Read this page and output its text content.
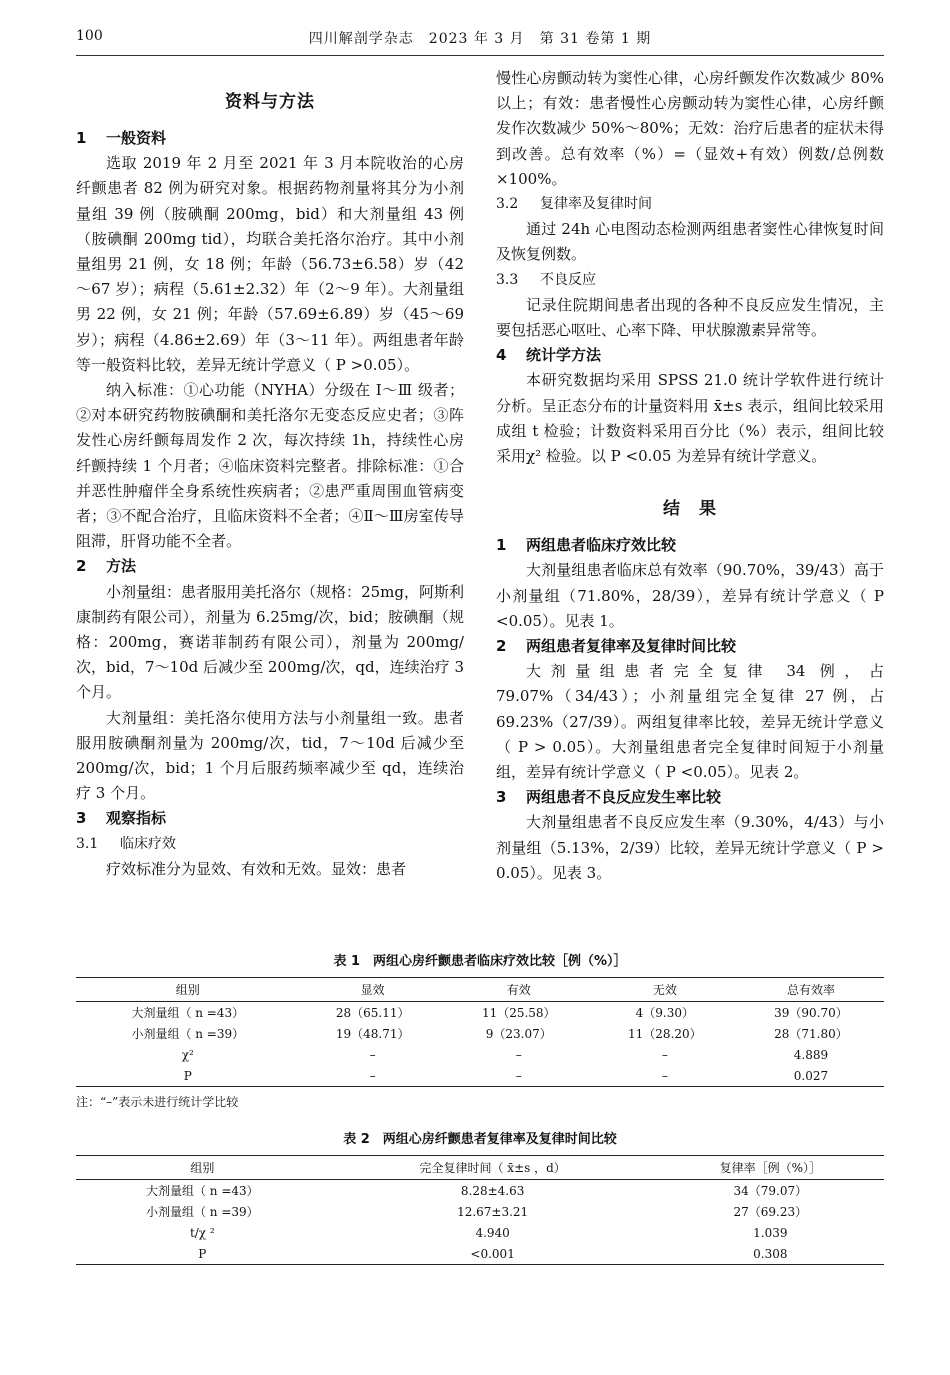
100	四川解剖学杂志　2023 年 3 月　第 31 卷第 1 期
资料与方法
1 一般资料

选取 2019 年 2 月至 2021 年 3 月本院收治的心房纤颤患者 82 例为研究对象。根据药物剂量将其分为小剂量组 39 例（胺碘酮 200mg，bid）和大剂量组 43 例（胺碘酮 200mg tid），均联合美托洛尔治疗。其中小剂量组男 21 例，女 18 例；年龄（56.73±6.58）岁（42～67 岁）；病程（5.61±2.32）年（2～9 年）。大剂量组男 22 例，女 21 例；年龄（57.69±6.89）岁（45～69 岁）；病程（4.86±2.69）年（3～11 年）。两组患者年龄等一般资料比较，差异无统计学意义（ P >0.05）。

纳入标准：①心功能（NYHA）分级在 Ⅰ～Ⅲ 级者；②对本研究药物胺碘酮和美托洛尔无变态反应史者；③阵发性心房纤颤每周发作 2 次，每次持续 1h，持续性心房纤颤持续 1 个月者；④临床资料完整者。排除标准：①合并恶性肿瘤伴全身系统性疾病者；②患严重周围血管病变者；③不配合治疗，且临床资料不全者；④Ⅱ～Ⅲ房室传导阻滞，肝肾功能不全者。

2 方法

小剂量组：患者服用美托洛尔（规格：25mg，阿斯利康制药有限公司），剂量为 6.25mg/次，bid；胺碘酮（规格：200mg，赛诺菲制药有限公司），剂量为 200mg/次，bid，7～10d 后减少至 200mg/次，qd，连续治疗 3 个月。

大剂量组：美托洛尔使用方法与小剂量组一致。患者服用胺碘酮剂量为 200mg/次，tid，7～10d 后减少至 200mg/次，bid；1 个月后服药频率减少至 qd，连续治疗 3 个月。

3 观察指标
3.1 临床疗效

疗效标准分为显效、有效和无效。显效：患者

慢性心房颤动转为窦性心律，心房纤颤发作次数减少 80% 以上；有效：患者慢性心房颤动转为窦性心律，心房纤颤发作次数减少 50%～80%；无效：治疗后患者的症状未得到改善。总有效率（%）=（显效+有效）例数/总例数×100%。

3.2 复律率及复律时间

通过 24h 心电图动态检测两组患者窦性心律恢复时间及恢复例数。

3.3 不良反应

记录住院期间患者出现的各种不良反应发生情况，主要包括恶心呕吐、心率下降、甲状腺激素异常等。

4 统计学方法

本研究数据均采用 SPSS 21.0 统计学软件进行统计分析。呈正态分布的计量资料用 x̄±s 表示，组间比较采用成组 t 检验；计数资料采用百分比（%）表示，组间比较采用χ² 检验。以 P <0.05 为差异有统计学意义。

结　果
1 两组患者临床疗效比较

大剂量组患者临床总有效率（90.70%，39/43）高于小剂量组（71.80%，28/39），差异有统计学意义（ P <0.05）。见表 1。

2 两组患者复律率及复律时间比较

大剂量组患者完全复律 34 例，占 79.07%（34/43）；小剂量组完全复律 27 例，占 69.23%（27/39）。两组复律率比较，差异无统计学意义（ P > 0.05）。大剂量组患者完全复律时间短于小剂量组，差异有统计学意义（ P <0.05）。见表 2。

3 两组患者不良反应发生率比较

大剂量组患者不良反应发生率（9.30%，4/43）与小剂量组（5.13%，2/39）比较，差异无统计学意义（ P > 0.05）。见表 3。

表 1　两组心房纤颤患者临床疗效比较［例（%）］
组别	显效	有效	无效	总有效率
大剂量组（ n =43）	28（65.11）	11（25.58）	4（9.30）	39（90.70）
小剂量组（ n =39）	19（48.71）	9（23.07）	11（28.20）	28（71.80）
χ²	–	–	–	4.889
P	–	–	–	0.027
注：“–”表示未进行统计学比较
表 2　两组心房纤颤患者复律率及复律时间比较
组别	完全复律时间（ x̄±s ，d）	复律率［例（%）］
大剂量组（ n =43）	8.28±4.63	34（79.07）
小剂量组（ n =39）	12.67±3.21	27（69.23）
t/χ ²	4.940	1.039
P	<0.001	0.308
